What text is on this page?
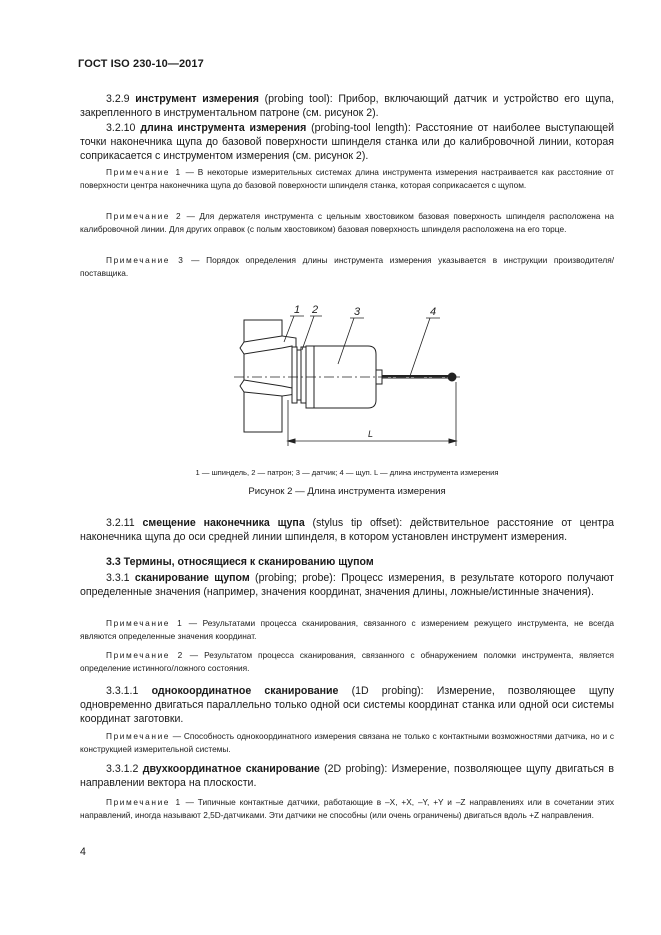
ГОСТ ISO 230-10—2017

3.2.9 инструмент измерения (probing tool): Прибор, включающий датчик и устройство его щупа, закрепленного в инструментальном патроне (см. рисунок 2).

3.2.10 длина инструмента измерения (probing-tool length): Расстояние от наиболее выступающей точки наконечника щупа до базовой поверхности шпинделя станка или до калибровочной линии, которая соприкасается с инструментом измерения (см. рисунок 2).

Примечание 1 — В некоторые измерительных системах длина инструмента измерения настраивается как расстояние от поверхности центра наконечника щупа до базовой поверхности шпинделя станка, которая соприкасается с щупом.

Примечание 2 — Для держателя инструмента с цельным хвостовиком базовая поверхность шпинделя расположена на калибровочной линии. Для других оправок (с полым хвостовиком) базовая поверхность шпинделя расположена на его торце.

Примечание 3 — Порядок определения длины инструмента измерения указывается в инструкции производителя/поставщика.

1 2	3	4
L
1 — шпиндель, 2 — патрон; 3 — датчик; 4 — щуп. L — длина инструмента измерения
Рисунок 2 — Длина инструмента измерения

3.2.11 смещение наконечника щупа (stylus tip offset): действительное расстояние от центра наконечника щупа до оси средней линии шпинделя, в котором установлен инструмент измерения.

3.3 Термины, относящиеся к сканированию щупом

3.3.1 сканирование щупом (probing; probe): Процесс измерения, в результате которого получают определенные значения (например, значения координат, значения длины, ложные/истинные значения).

Примечание 1 — Результатами процесса сканирования, связанного с измерением режущего инструмента, не всегда являются определенные значения координат.

Примечание 2 — Результатом процесса сканирования, связанного с обнаружением поломки инструмента, является определение истинного/ложного состояния.

3.3.1.1 однокоординатное сканирование (1D probing): Измерение, позволяющее щупу одновременно двигаться параллельно только одной оси системы координат станка или одной оси системы координат заготовки.

Примечание — Способность однокоординатного измерения связана не только с контактными возможностями датчика, но и с конструкцией измерительной системы.

3.3.1.2 двухкоординатное сканирование (2D probing): Измерение, позволяющее щупу двигаться в направлении вектора на плоскости.

Примечание 1 — Типичные контактные датчики, работающие в –X, +X, –Y, +Y и –Z направлениях или в сочетании этих направлений, иногда называют 2,5D-датчиками. Эти датчики не способны (или очень ограничены) двигаться вдоль +Z направления.

4
